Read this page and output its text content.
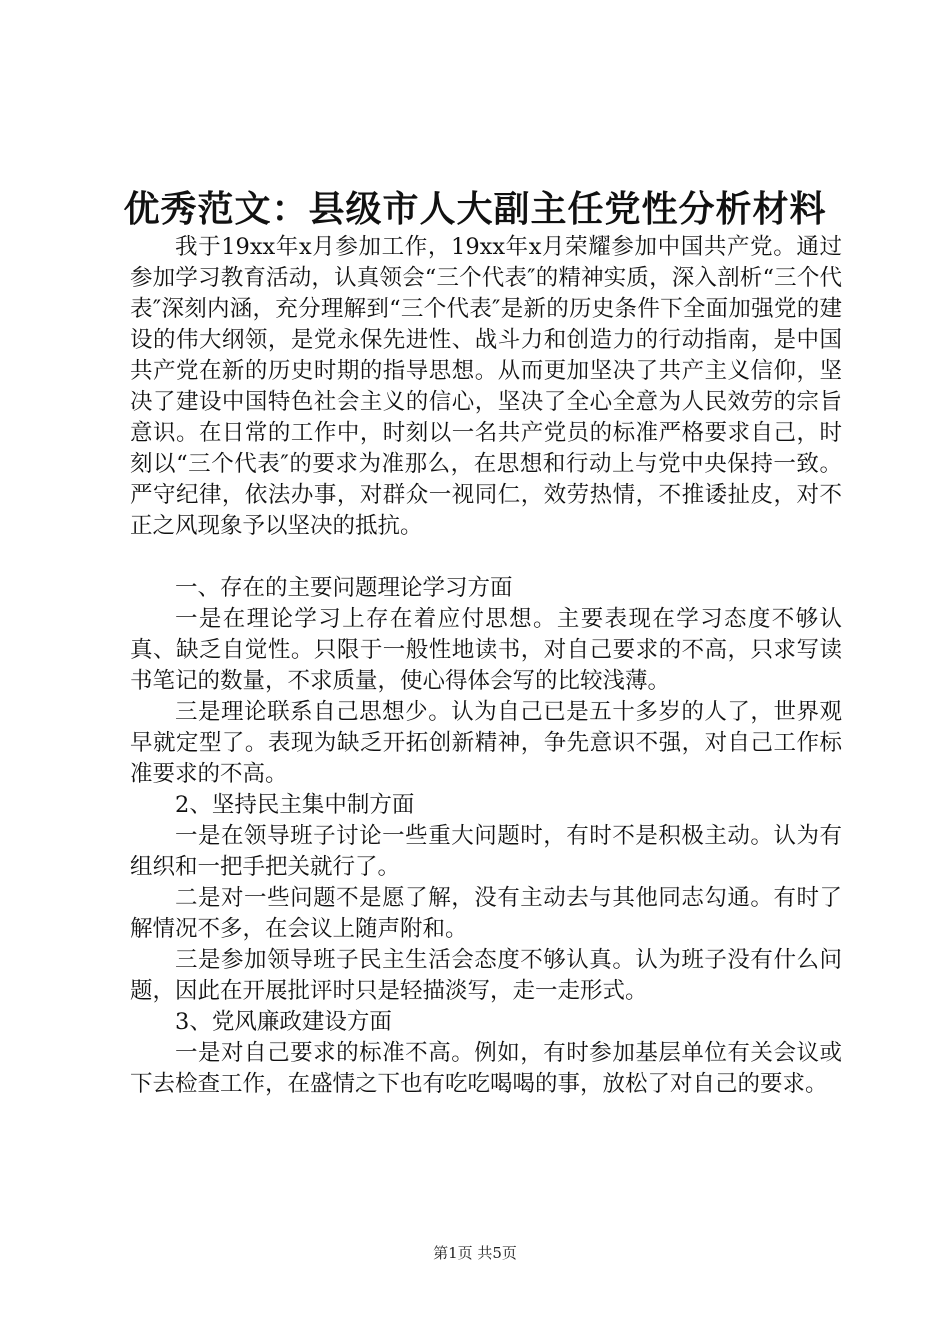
优秀范文：县级市人大副主任党性分析材料

我于19xx年x月参加工作，19xx年x月荣耀参加中国共产党。通过参加学习教育活动，认真领会“三个代表″的精神实质，深入剖析“三个代表″深刻内涵，充分理解到“三个代表″是新的历史条件下全面加强党的建设的伟大纲领，是党永保先进性、战斗力和创造力的行动指南，是中国共产党在新的历史时期的指导思想。从而更加坚决了共产主义信仰，坚决了建设中国特色社会主义的信心，坚决了全心全意为人民效劳的宗旨意识。在日常的工作中，时刻以一名共产党员的标准严格要求自己，时刻以“三个代表″的要求为准那么，在思想和行动上与党中央保持一致。严守纪律，依法办事，对群众一视同仁，效劳热情，不推诿扯皮，对不正之风现象予以坚决的抵抗。

一、存在的主要问题理论学习方面

一是在理论学习上存在着应付思想。主要表现在学习态度不够认真、缺乏自觉性。只限于一般性地读书，对自己要求的不高，只求写读书笔记的数量，不求质量，使心得体会写的比较浅薄。

三是理论联系自己思想少。认为自己已是五十多岁的人了，世界观早就定型了。表现为缺乏开拓创新精神，争先意识不强，对自己工作标准要求的不高。

2、坚持民主集中制方面

一是在领导班子讨论一些重大问题时，有时不是积极主动。认为有组织和一把手把关就行了。

二是对一些问题不是愿了解，没有主动去与其他同志勾通。有时了解情况不多，在会议上随声附和。

三是参加领导班子民主生活会态度不够认真。认为班子没有什么问题，因此在开展批评时只是轻描淡写，走一走形式。

3、党风廉政建设方面

一是对自己要求的标准不高。例如，有时参加基层单位有关会议或下去检查工作，在盛情之下也有吃吃喝喝的事，放松了对自己的要求。

第1页 共5页
